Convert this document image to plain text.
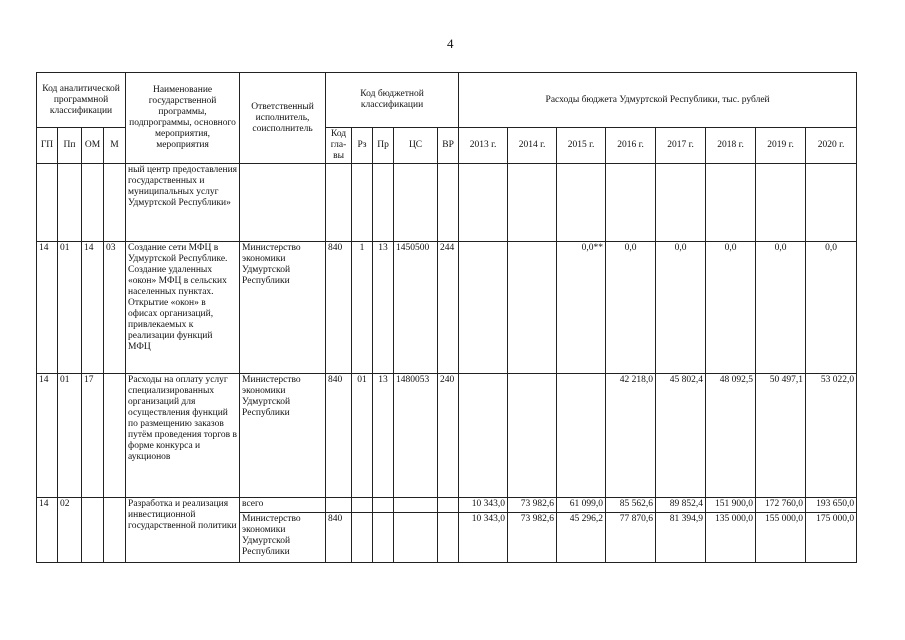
4
Код аналитической программной классификации				Наименование государственной программы, подпрограммы, основного мероприятия, мероприятия	Ответственный исполнитель, соисполнитель	Код бюджетной классификации					Расходы бюджета Удмуртской Республики, тыс. рублей							
ГП	Пп	ОМ	М			Код гла-вы	Рз	Пр	ЦС	ВР	2013 г.	2014 г.	2015 г.	2016 г.	2017 г.	2018 г.	2019 г.	2020 г.
				ный центр предоставления государственных и муниципальных услуг Удмуртской Республики»														
14	01	14	03	Создание сети МФЦ в Удмуртской Республике. Создание удаленных «окон» МФЦ в сельских населенных пунктах. Открытие «окон» в офисах организаций, привлекаемых к реализации функций МФЦ	Министерство экономики Удмуртской Республики	840	1	13	1450500	244			0,0**	0,0	0,0	0,0	0,0	0,0
14	01	17		Расходы на оплату услуг специализированных организаций для осуществления функций по размещению заказов путём проведения торгов в форме конкурса и аукционов	Министерство экономики Удмуртской Республики	840	01	13	1480053	240				42 218,0	45 802,4	48 092,5	50 497,1	53 022,0
14	02			Разработка и реализация инвестиционной государственной политики	всего						10 343,0	73 982,6	61 099,0	85 562,6	89 852,4	151 900,0	172 760,0	193 650,0
					Министерство экономики Удмуртской Республики	840					10 343,0	73 982,6	45 296,2	77 870,6	81 394,9	135 000,0	155 000,0	175 000,0
